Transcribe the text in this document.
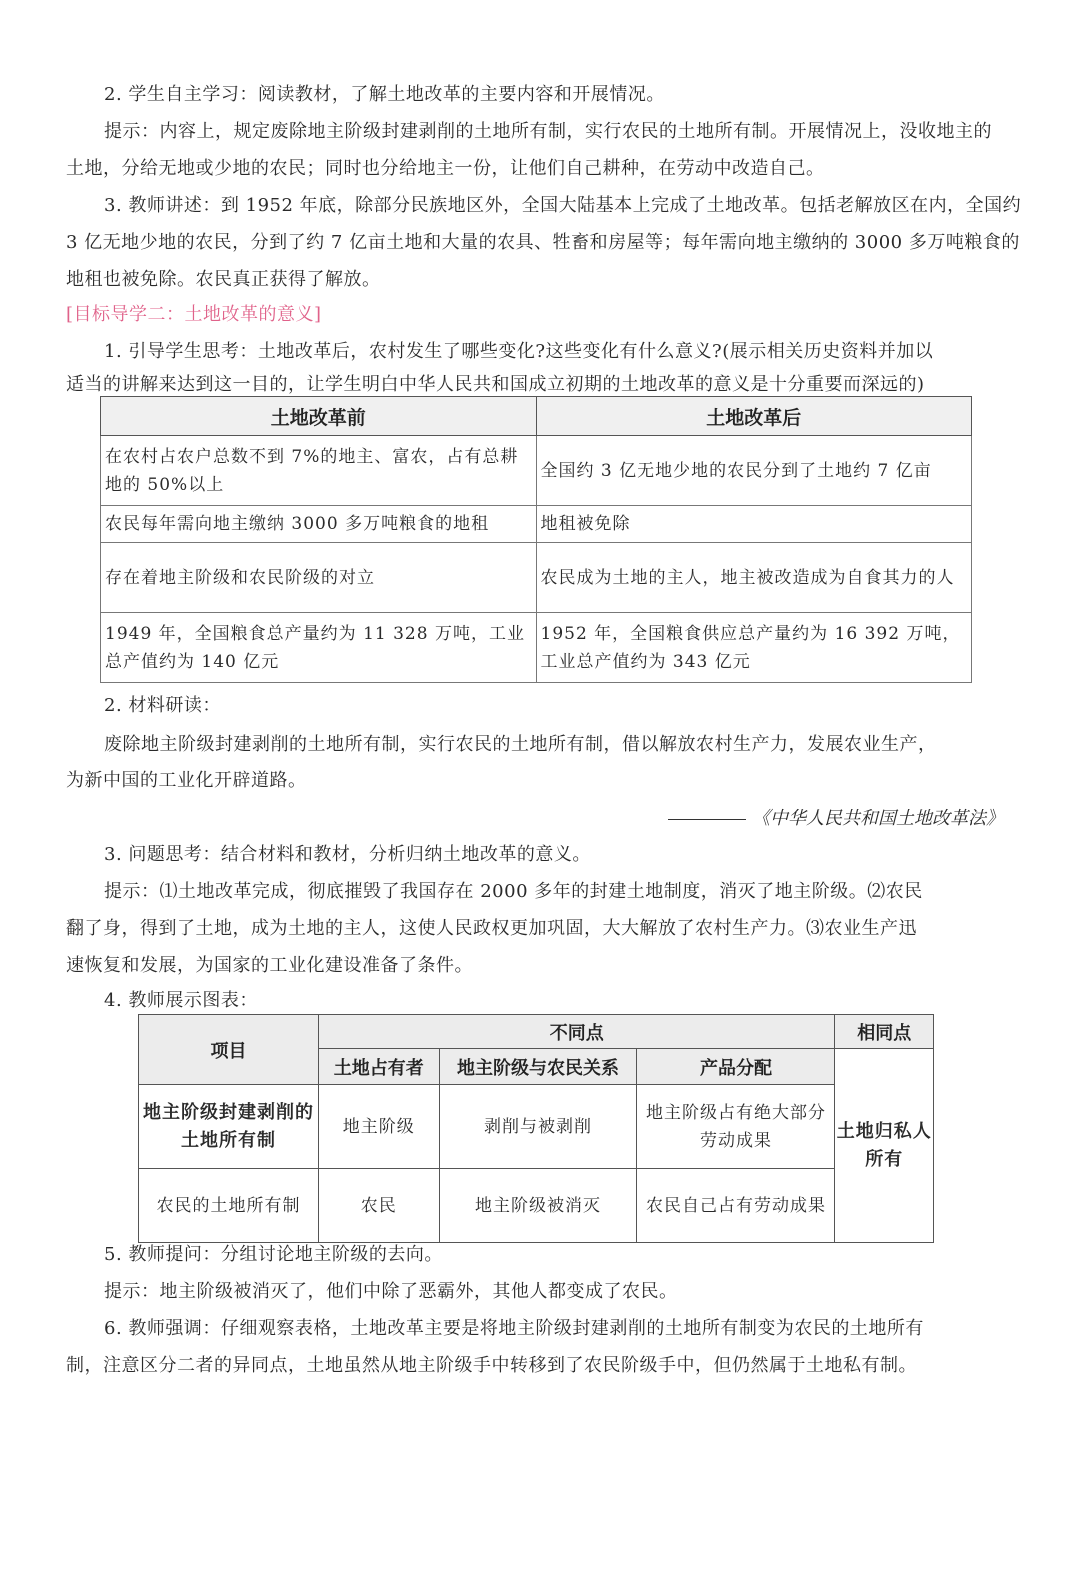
2. 学生自主学习：阅读教材，了解土地改革的主要内容和开展情况。
提示：内容上，规定废除地主阶级封建剥削的土地所有制，实行农民的土地所有制。开展情况上，没收地主的
土地，分给无地或少地的农民；同时也分给地主一份，让他们自己耕种，在劳动中改造自己。
3. 教师讲述：到 1952 年底，除部分民族地区外，全国大陆基本上完成了土地改革。包括老解放区在内，全国约
3 亿无地少地的农民，分到了约 7 亿亩土地和大量的农具、牲畜和房屋等；每年需向地主缴纳的 3000 多万吨粮食的
地租也被免除。农民真正获得了解放。
[目标导学二：土地改革的意义]
1. 引导学生思考：土地改革后，农村发生了哪些变化?这些变化有什么意义?(展示相关历史资料并加以
适当的讲解来达到这一目的，让学生明白中华人民共和国成立初期的土地改革的意义是十分重要而深远的)
土地改革前	土地改革后
在农村占农户总数不到 7%的地主、富农，占有总耕地的 50%以上	全国约 3 亿无地少地的农民分到了土地约 7 亿亩
农民每年需向地主缴纳 3000 多万吨粮食的地租	地租被免除
存在着地主阶级和农民阶级的对立	农民成为土地的主人，地主被改造成为自食其力的人
1949 年，全国粮食总产量约为 11 328 万吨，工业总产值约为 140 亿元	1952 年，全国粮食供应总产量约为 16 392 万吨，工业总产值约为 343 亿元
2. 材料研读：
废除地主阶级封建剥削的土地所有制，实行农民的土地所有制，借以解放农村生产力，发展农业生产，
为新中国的工业化开辟道路。
《中华人民共和国土地改革法》
3. 问题思考：结合材料和教材，分析归纳土地改革的意义。
提示：⑴土地改革完成，彻底摧毁了我国存在 2000 多年的封建土地制度，消灭了地主阶级。⑵农民
翻了身，得到了土地，成为土地的主人，这使人民政权更加巩固，大大解放了农村生产力。⑶农业生产迅
速恢复和发展，为国家的工业化建设准备了条件。
4. 教师展示图表：
项目	不同点			相同点
	土地占有者	地主阶级与农民关系	产品分配	土地归私人所有
地主阶级封建剥削的土地所有制	地主阶级	剥削与被剥削	地主阶级占有绝大部分劳动成果	
农民的土地所有制	农民	地主阶级被消灭	农民自己占有劳动成果	
5. 教师提问：分组讨论地主阶级的去向。
提示：地主阶级被消灭了，他们中除了恶霸外，其他人都变成了农民。
6. 教师强调：仔细观察表格，土地改革主要是将地主阶级封建剥削的土地所有制变为农民的土地所有
制，注意区分二者的异同点，土地虽然从地主阶级手中转移到了农民阶级手中，但仍然属于土地私有制。
